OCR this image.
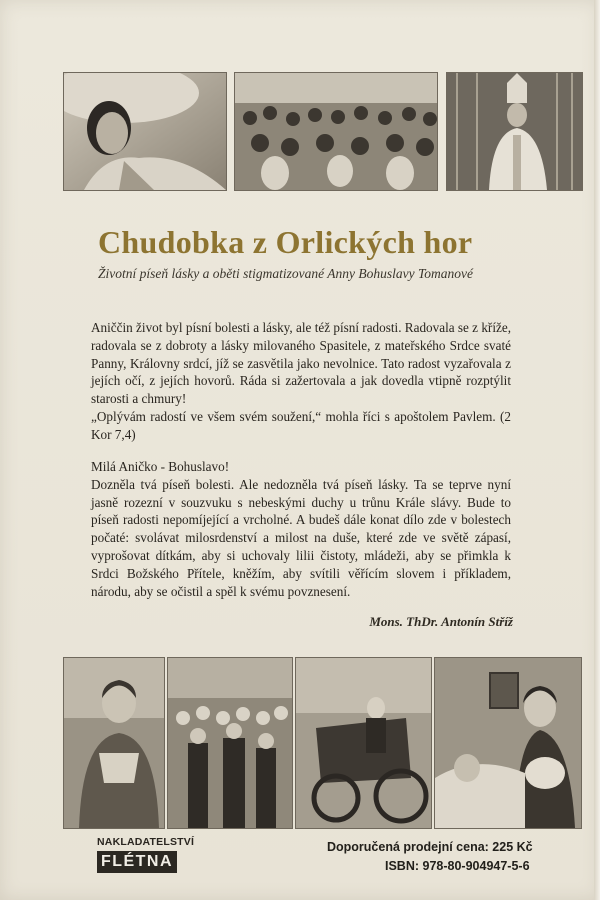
Chudobka z Orlických hor

Životní píseň lásky a oběti stigmatizované Anny Bohuslavy Tomanové

Aniččin život byl písní bolesti a lásky, ale též písní radosti. Radovala se z kříže, radovala se z dobroty a lásky milovaného Spasitele, z mateřského Srdce svaté Panny, Královny srdcí, jíž se zasvětila jako nevolnice. Tato radost vyzařovala z jejích očí, z jejích hovorů. Ráda si zažertovala a jak dovedla vtipně rozptýlit starosti a chmury!
„Oplývám radostí ve všem svém soužení,“ mohla říci s apoštolem Pavlem. (2 Kor 7,4)
Milá Aničko - Bohuslavo!
Dozněla tvá píseň bolesti. Ale nedozněla tvá píseň lásky. Ta se teprve nyní jasně rozezní v souzvuku s nebeskými duchy u trůnu Krále slávy. Bude to píseň radosti nepomíjející a vrcholné. A budeš dále konat dílo zde v bolestech počaté: svolávat milosrdenství a milost na duše, které zde ve světě zápasí, vyprošovat dítkám, aby si uchovaly lilii čistoty, mládeži, aby se přimkla k Srdci Božského Přítele, kněžím, aby svítili věřícím slovem i příkladem, národu, aby se očistil a spěl k svému povznesení.
Mons. ThDr. Antonín Stříž
NAKLADATELSTVÍ
FLÉTNA
Doporučená prodejní cena: 225 Kč
ISBN: 978-80-904947-5-6
